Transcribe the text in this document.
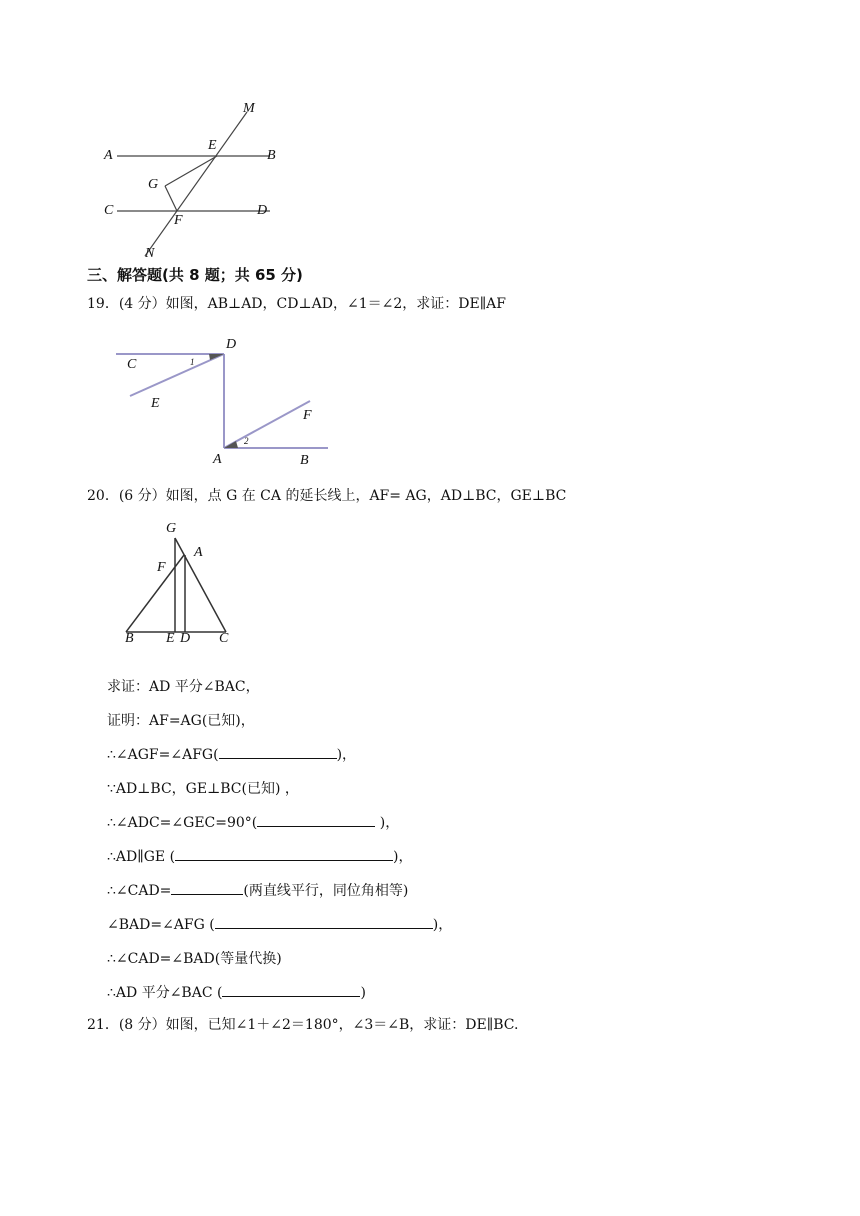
A	B
C	D
E
F
G
M
N
三、解答题(共 8 题；共 65 分)
19．(4 分）如图，AB⊥AD，CD⊥AD，∠1＝∠2，求证：DE∥AF
C
D
E
F
A	B
1
2
20．(6 分）如图，点 G 在 CA 的延长线上，AF= AG，AD⊥BC，GE⊥BC
G
A
F
B E D C
求证：AD 平分∠BAC，
证明：AF=AG(已知)，
∴∠AGF=∠AFG(	)，
∵AD⊥BC，GE⊥BC(已知) ，
∴∠ADC=∠GEC=90°(	)，
∴AD∥GE (	)，
∴∠CAD=	(两直线平行，同位角相等)
∠BAD=∠AFG (	)，
∴∠CAD=∠BAD(等量代换)
∴AD 平分∠BAC (	)
21．(8 分）如图，已知∠1＋∠2＝180°，∠3＝∠B，求证：DE∥BC.
